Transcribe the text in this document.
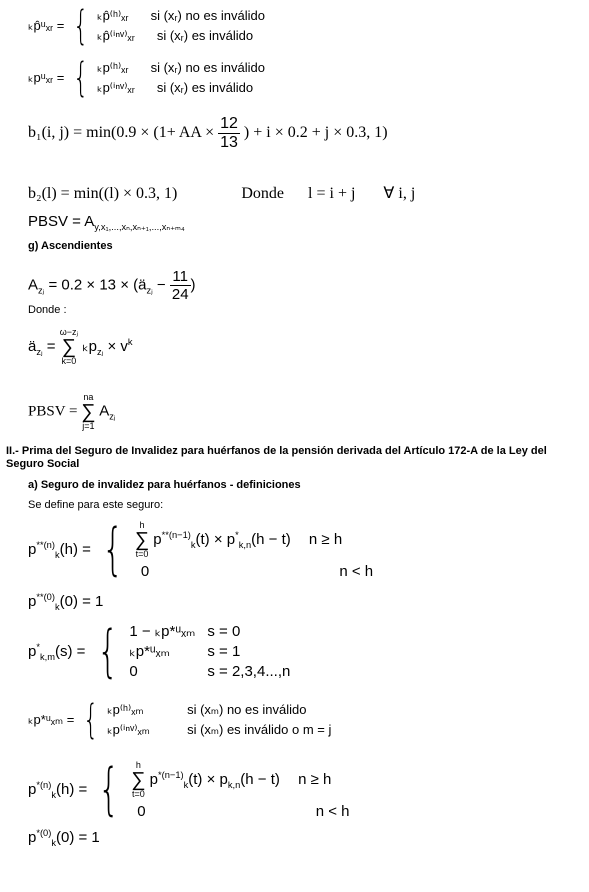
ₖp̂ᵘₓᵣ = { ₖp̂⁽ʰ⁾ₓᵣ si (xᵣ) no es inválido
ₖp̂⁽ⁱⁿᵛ⁾ₓᵣ si (xᵣ) es inválido
ₖpᵘₓᵣ = { ₖp⁽ʰ⁾ₓᵣ si (xᵣ) no es inválido
ₖp⁽ⁱⁿᵛ⁾ₓᵣ si (xᵣ) es inválido
b₁(i, j) = min(0.9 × (1+ AA × $\frac{12}{13}$ ) + i × 0.2 + j × 0.3, 1)
b₂(l) = min((l) × 0.3, 1)	Donde l = i + j ∀ i, j
PBSV = $A_{y,x_1,...,x_n,x_{n+1},...,x_{n+m4}}$
g) Ascendientes
$A_{zⱼ} = 0.2 \times 13$ × ($ä_{zⱼ} - \frac{11}{24}$ )
Donde :
$ä_{zⱼ}$ =
ω−zⱼ
∑
k=0
$_kp_{zⱼ} \times v^k$
PBSV =
na
∑
j=1
$A_{zⱼ}$
II.- Prima del Seguro de Invalidez para huérfanos de la pensión derivada del Artículo 172-A de la Ley del Seguro Social
a) Seguro de invalidez para huérfanos - definiciones
Se define para este seguro:
$p^{**(n)}_k(h)$ = {	h
∑
t=0
$p^{**(n-1)}_k(t) \times p^*_{k,n}(h - t) n \ge h$
0	n < h
$p^{**(0)}_k(0) = 1$
$p^*_{k,m}(s)$ = { 1 − ₖp*ᵘₓₘ s = 0
ₖp*ᵘₓₘ s = 1
0	s = 2,3,4...,n
ₖp*ᵘₓₘ = { ₖp⁽ʰ⁾ₓₘ	si (xₘ) no es inválido
ₖp⁽ⁱⁿᵛ⁾ₓₘ	si (xₘ) es inválido o m = j
$p^{*(n)}_k(h)$ = {	h
∑
t=0
$p^{*(n-1)}_k(t) \times p_{k,n}(h - t) n \ge h$
0	n < h
$p^{*(0)}_k(0) = 1$
